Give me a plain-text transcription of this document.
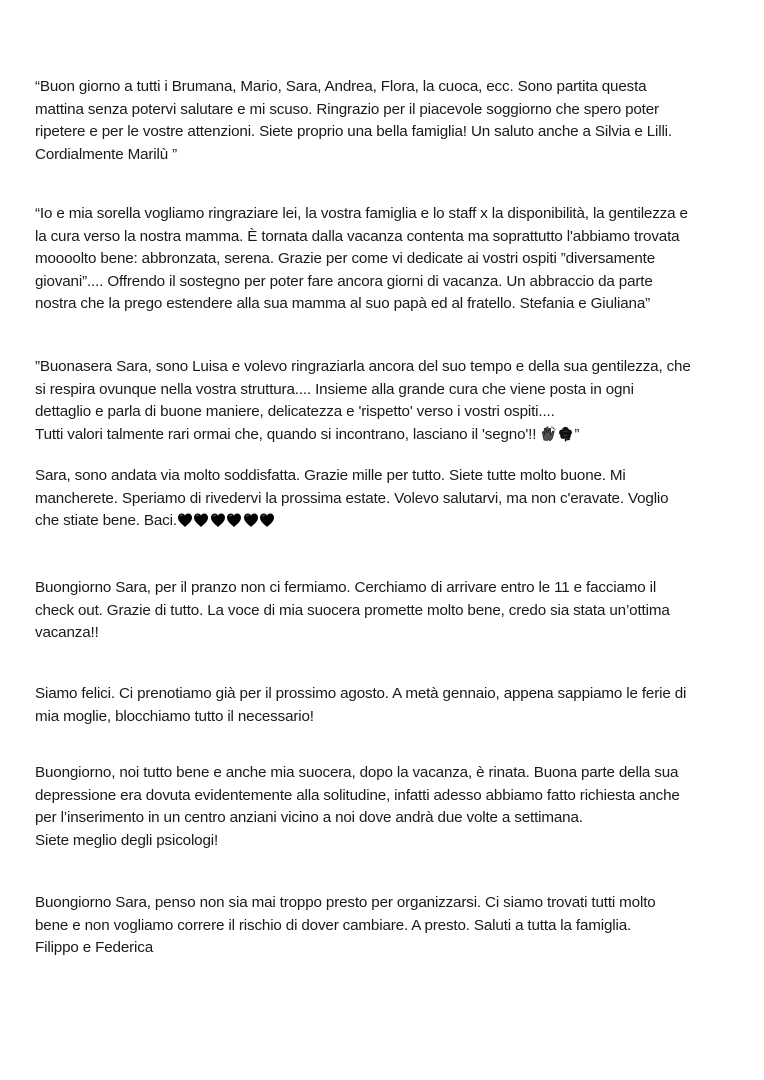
“Buon giorno a tutti i Brumana, Mario, Sara, Andrea, Flora, la cuoca, ecc. Sono partita questa
mattina senza potervi salutare e mi scuso. Ringrazio per il piacevole soggiorno che spero poter
ripetere e per le vostre attenzioni. Siete proprio una bella famiglia! Un saluto anche a Silvia e Lilli.
Cordialmente Marilù ”
“Io e mia sorella vogliamo ringraziare lei, la vostra famiglia e lo staff x la disponibilità, la gentilezza e
la cura verso la nostra mamma. È tornata dalla vacanza contenta ma soprattutto l'abbiamo trovata
moooolto bene: abbronzata, serena. Grazie per come vi dedicate ai vostri ospiti ”diversamente
giovani”.... Offrendo il sostegno per poter fare ancora giorni di vacanza. Un abbraccio da parte
nostra che la prego estendere alla sua mamma al suo papà ed al fratello. Stefania e Giuliana”
”Buonasera Sara, sono Luisa e volevo ringraziarla ancora del suo tempo e della sua gentilezza, che
si respira ovunque nella vostra struttura.... Insieme alla grande cura che viene posta in ogni
dettaglio e parla di buone maniere, delicatezza e 'rispetto' verso i vostri ospiti....
Tutti valori talmente rari ormai che, quando si incontrano, lasciano il 'segno'!!
”
Sara, sono andata via molto soddisfatta. Grazie mille per tutto. Siete tutte molto buone. Mi
mancherete. Speriamo di rivedervi la prossima estate. Volevo salutarvi, ma non c'eravate. Voglio
che stiate bene. Baci.
Buongiorno Sara, per il pranzo non ci fermiamo. Cerchiamo di arrivare entro le 11 e facciamo il
check out. Grazie di tutto. La voce di mia suocera promette molto bene, credo sia stata un’ottima
vacanza!!
Siamo felici. Ci prenotiamo già per il prossimo agosto. A metà gennaio, appena sappiamo le ferie di
mia moglie, blocchiamo tutto il necessario!
Buongiorno, noi tutto bene e anche mia suocera, dopo la vacanza, è rinata. Buona parte della sua
depressione era dovuta evidentemente alla solitudine, infatti adesso abbiamo fatto richiesta anche
per l’inserimento in un centro anziani vicino a noi dove andrà due volte a settimana.
Siete meglio degli psicologi!
Buongiorno Sara, penso non sia mai troppo presto per organizzarsi. Ci siamo trovati tutti molto
bene e non vogliamo correre il rischio di dover cambiare. A presto. Saluti a tutta la famiglia.
Filippo e Federica
